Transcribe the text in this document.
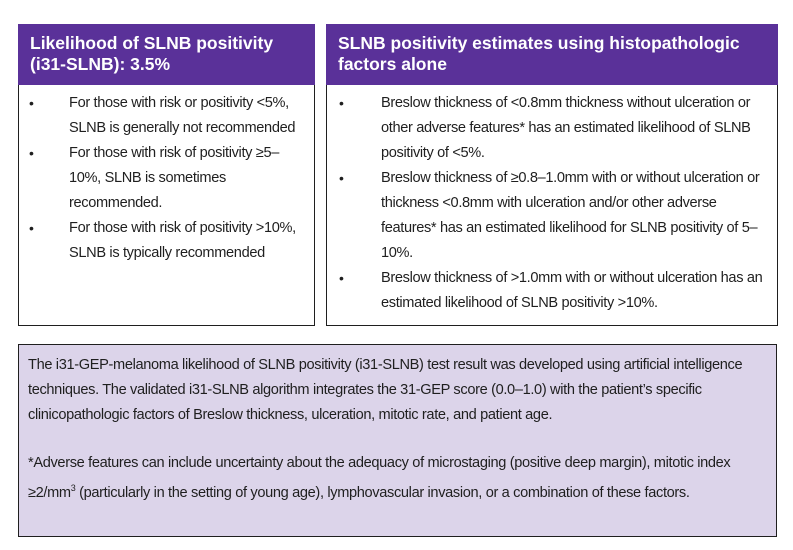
Likelihood of SLNB positivity (i31-SLNB): 3.5%
• For those with risk or positivity <5%, SLNB is generally not recommended
• For those with risk of positivity ≥5–10%, SLNB is sometimes recommended.
• For those with risk of positivity >10%, SLNB is typically recommended
SLNB positivity estimates using histopathologic factors alone
•	Breslow thickness of <0.8mm thickness without ulceration or other adverse features* has an estimated likelihood of SLNB positivity of <5%.
•	Breslow thickness of ≥0.8–1.0mm with or without ulceration or thickness <0.8mm with ulceration and/or other adverse features* has an estimated likelihood for SLNB positivity of 5–10%.
•	Breslow thickness of >1.0mm with or without ulceration has an estimated likelihood of SLNB positivity >10%.

The i31-GEP-melanoma likelihood of SLNB positivity (i31-SLNB) test result was developed using artificial intelligence techniques. The validated i31-SLNB algorithm integrates the 31-GEP score (0.0–1.0) with the patient’s specific clinicopathologic factors of Breslow thickness, ulceration, mitotic rate, and patient age.

*Adverse features can include uncertainty about the adequacy of microstaging (positive deep margin), mitotic index $\ge 2/mm^3$ (particularly in the setting of young age), lymphovascular invasion, or a combination of these factors.
